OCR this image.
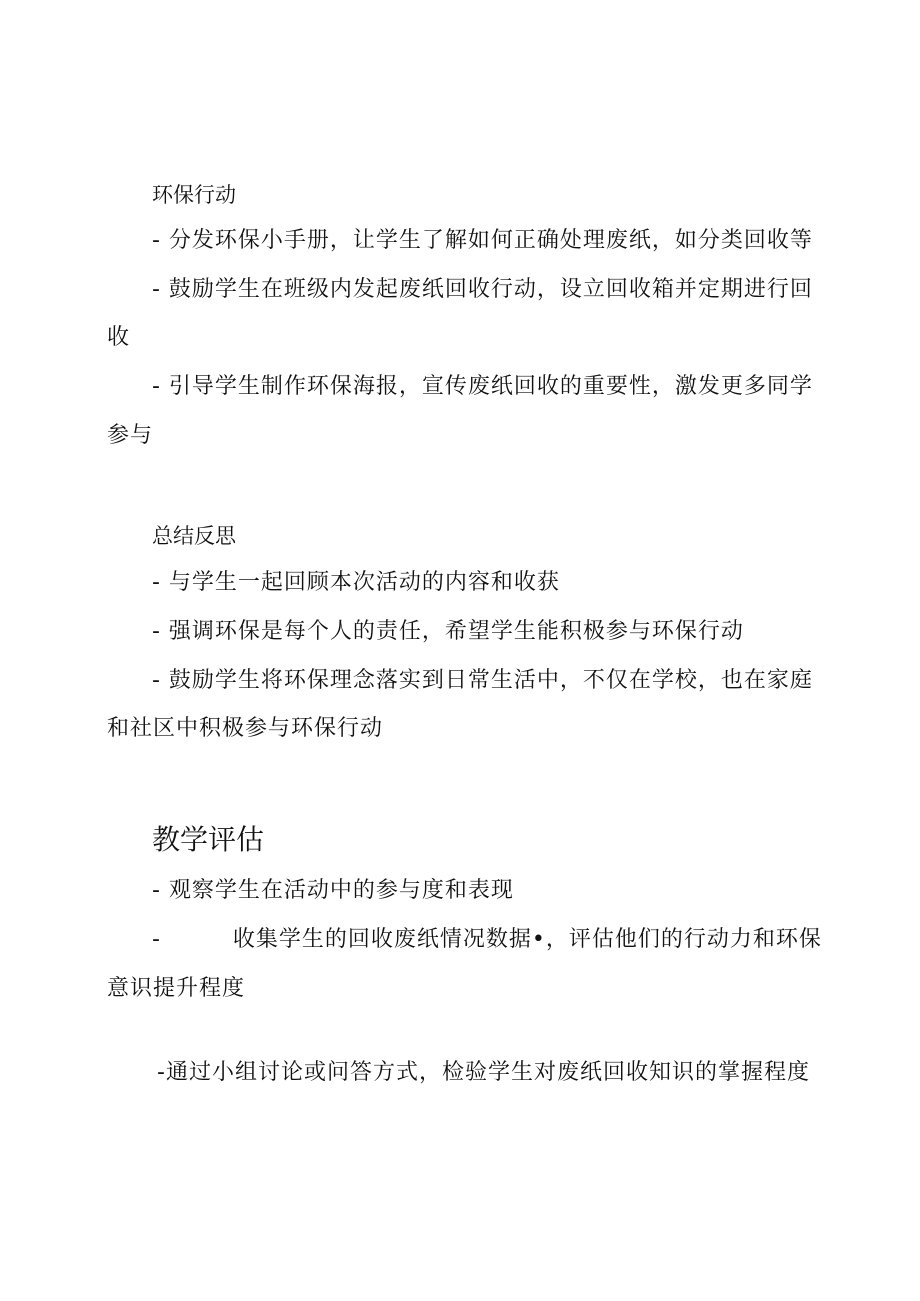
环保行动
- 分发环保小手册，让学生了解如何正确处理废纸，如分类回收等
- 鼓励学生在班级内发起废纸回收行动，设立回收箱并定期进行回
收
- 引导学生制作环保海报，宣传废纸回收的重要性，激发更多同学
参与
总结反思
- 与学生一起回顾本次活动的内容和收获
- 强调环保是每个人的责任，希望学生能积极参与环保行动
- 鼓励学生将环保理念落实到日常生活中，不仅在学校，也在家庭
和社区中积极参与环保行动
教学评估
- 观察学生在活动中的参与度和表现
-         收集学生的回收废纸情况数据•，评估他们的行动力和环保
意识提升程度
-通过小组讨论或问答方式，检验学生对废纸回收知识的掌握程度
